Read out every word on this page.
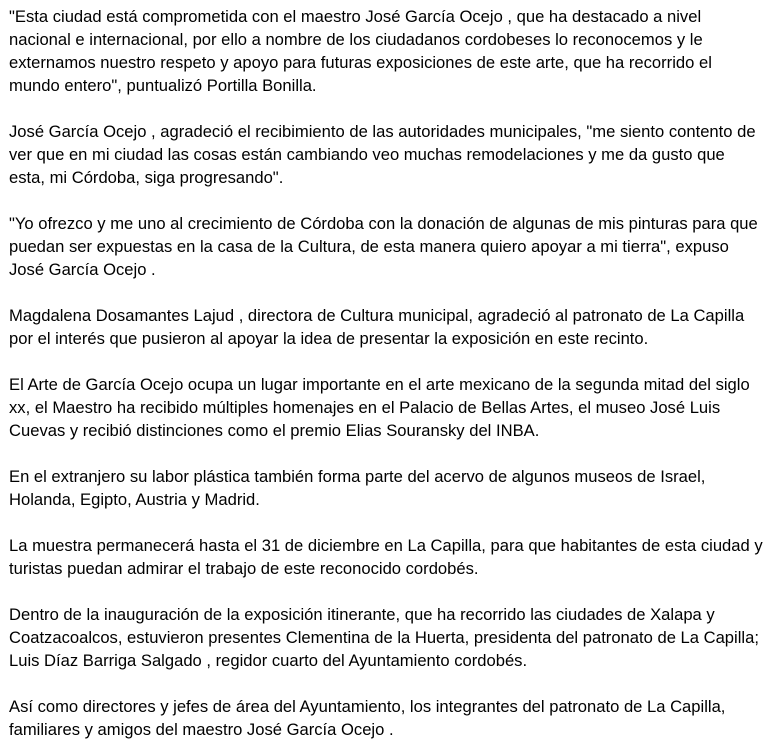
"Esta ciudad está comprometida con el maestro José García Ocejo , que ha destacado a nivel nacional e internacional, por ello a nombre de los ciudadanos cordobeses lo reconocemos y le externamos nuestro respeto y apoyo para futuras exposiciones de este arte, que ha recorrido el mundo entero", puntualizó Portilla Bonilla.

José García Ocejo , agradeció el recibimiento de las autoridades municipales, "me siento contento de ver que en mi ciudad las cosas están cambiando veo muchas remodelaciones y me da gusto que esta, mi Córdoba, siga progresando".

"Yo ofrezco y me uno al crecimiento de Córdoba con la donación de algunas de mis pinturas para que puedan ser expuestas en la casa de la Cultura, de esta manera quiero apoyar a mi tierra", expuso José García Ocejo .

Magdalena Dosamantes Lajud , directora de Cultura municipal, agradeció al patronato de La Capilla por el interés que pusieron al apoyar la idea de presentar la exposición en este recinto.

El Arte de García Ocejo ocupa un lugar importante en el arte mexicano de la segunda mitad del siglo xx, el Maestro ha recibido múltiples homenajes en el Palacio de Bellas Artes, el museo José Luis Cuevas y recibió distinciones como el premio Elias Souransky del INBA.

En el extranjero su labor plástica también forma parte del acervo de algunos museos de Israel, Holanda, Egipto, Austria y Madrid.

La muestra permanecerá hasta el 31 de diciembre en La Capilla, para que habitantes de esta ciudad y turistas puedan admirar el trabajo de este reconocido cordobés.

Dentro de la inauguración de la exposición itinerante, que ha recorrido las ciudades de Xalapa y Coatzacoalcos, estuvieron presentes Clementina de la Huerta, presidenta del patronato de La Capilla; Luis Díaz Barriga Salgado , regidor cuarto del Ayuntamiento cordobés.

Así como directores y jefes de área del Ayuntamiento, los integrantes del patronato de La Capilla, familiares y amigos del maestro José García Ocejo .
